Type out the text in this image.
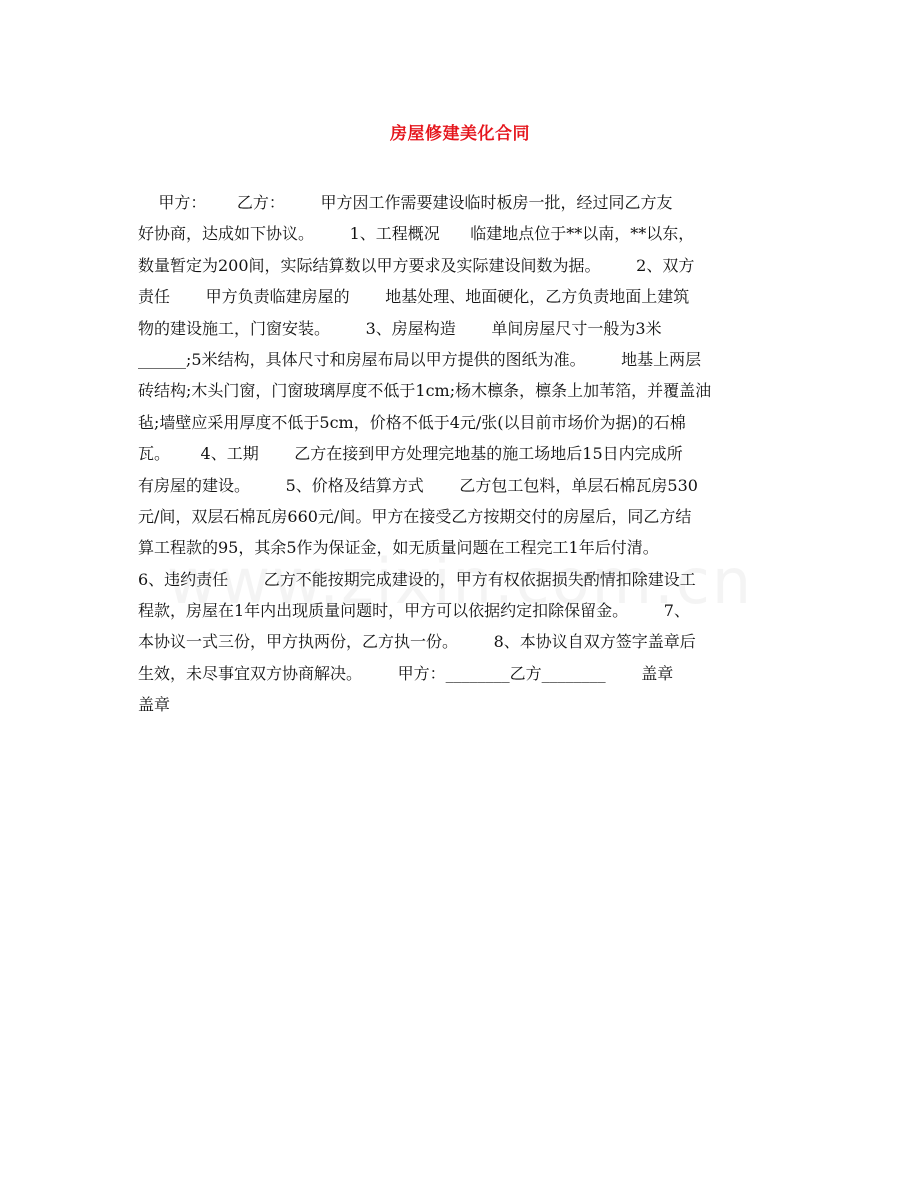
房屋修建美化合同
甲方：      乙方：       甲方因工作需要建设临时板房一批，经过同乙方友
好协商，达成如下协议。       1、工程概况      临建地点位于**以南，**以东，
数量暂定为200间，实际结算数以甲方要求及实际建设间数为据。       2、双方
责任       甲方负责临建房屋的       地基处理、地面硬化，乙方负责地面上建筑
物的建设施工，门窗安装。       3、房屋构造       单间房屋尺寸一般为3米
______;5米结构，具体尺寸和房屋布局以甲方提供的图纸为准。       地基上两层
砖结构;木头门窗，门窗玻璃厚度不低于1cm;杨木檩条，檩条上加苇箔，并覆盖油
毡;墙壁应采用厚度不低于5cm，价格不低于4元/张(以目前市场价为据)的石棉
瓦。      4、工期       乙方在接到甲方处理完地基的施工场地后15日内完成所
有房屋的建设。       5、价格及结算方式       乙方包工包料，单层石棉瓦房530
元/间，双层石棉瓦房660元/间。甲方在接受乙方按期交付的房屋后，同乙方结
算工程款的95，其余5作为保证金，如无质量问题在工程完工1年后付清。
6、违约责任       乙方不能按期完成建设的，甲方有权依据损失酌情扣除建设工
程款，房屋在1年内出现质量问题时，甲方可以依据约定扣除保留金。       7、
本协议一式三份，甲方执两份，乙方执一份。       8、本协议自双方签字盖章后
生效，未尽事宜双方协商解决。       甲方：________乙方________       盖章
盖章
